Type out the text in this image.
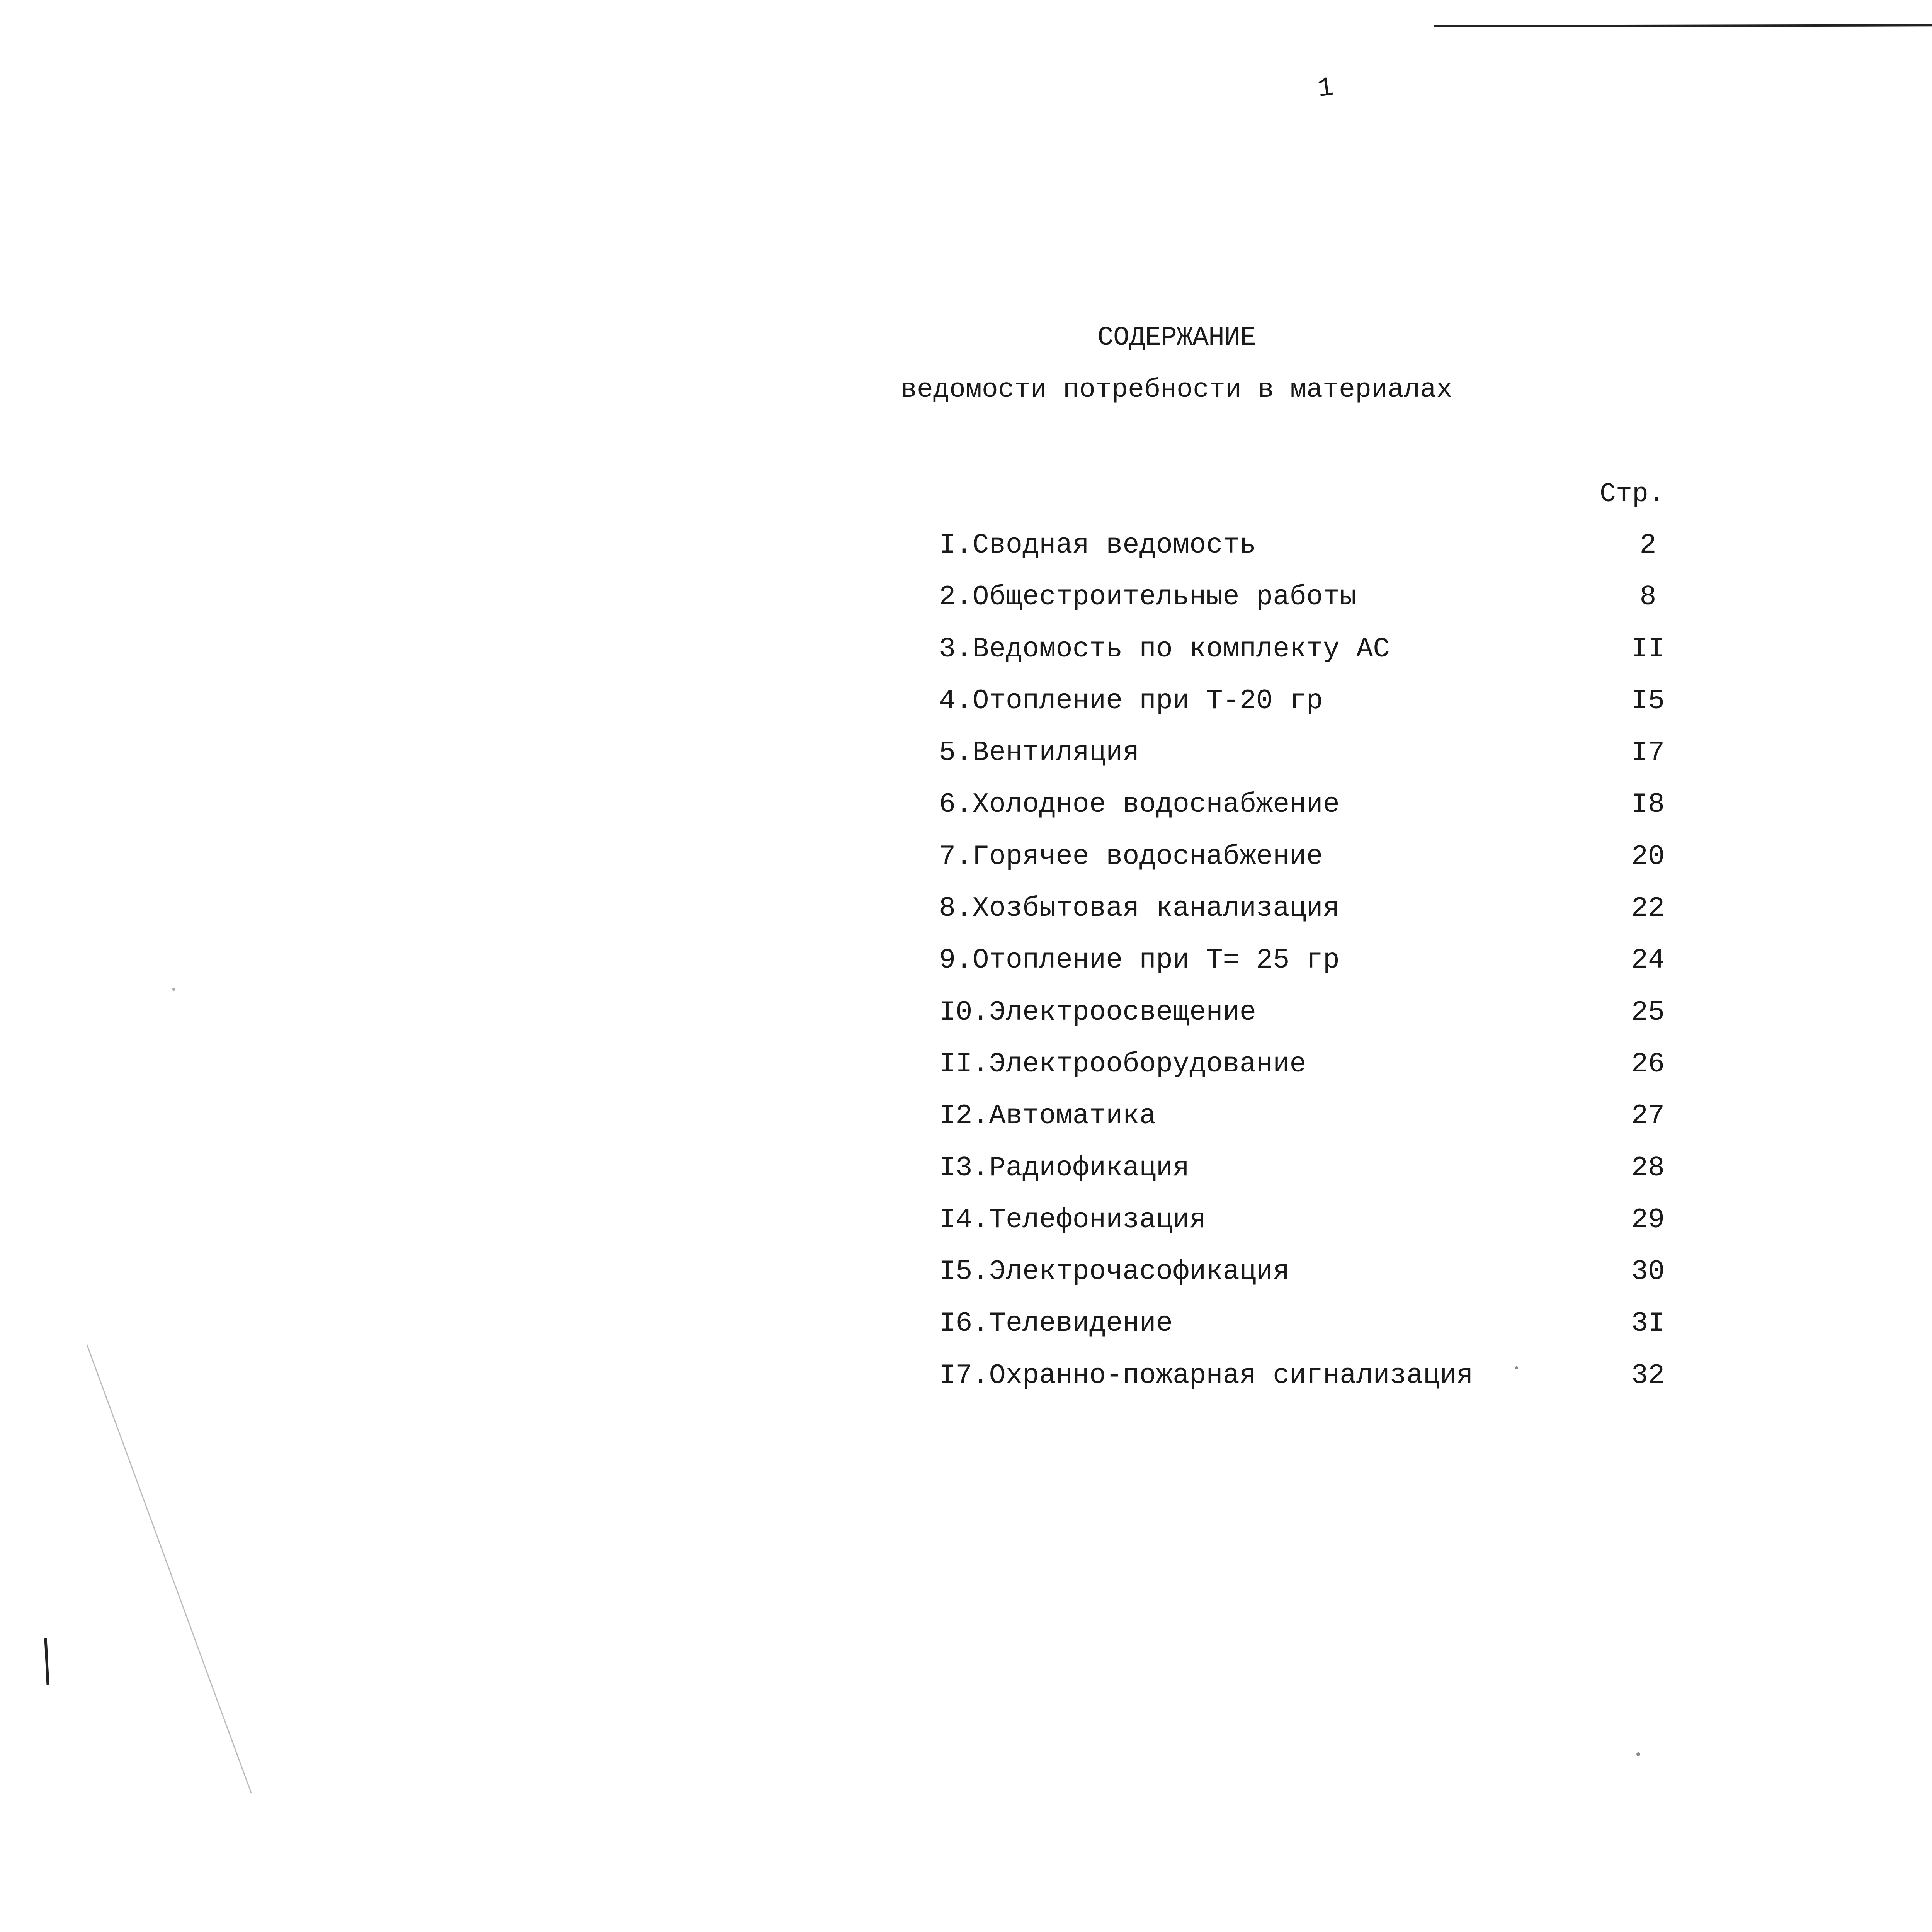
1
СОДЕРЖАНИЕ
ведомости потребности в материалах
Стр.
I.Сводная ведомость	2
2.Общестроительные работы	8
3.Ведомость по комплекту АС	II
4.Отопление при Т-20 гр	I5
5.Вентиляция	I7
6.Холодное водоснабжение	I8
7.Горячее водоснабжение	20
8.Хозбытовая канализация	22
9.Отопление при Т= 25 гр	24
I0.Электроосвещение	25
II.Электрооборудование	26
I2.Автоматика	27
I3.Радиофикация	28
I4.Телефонизация	29
I5.Электрочасофикация	30
I6.Телевидение	3I
I7.Охранно-пожарная сигнализация	32
